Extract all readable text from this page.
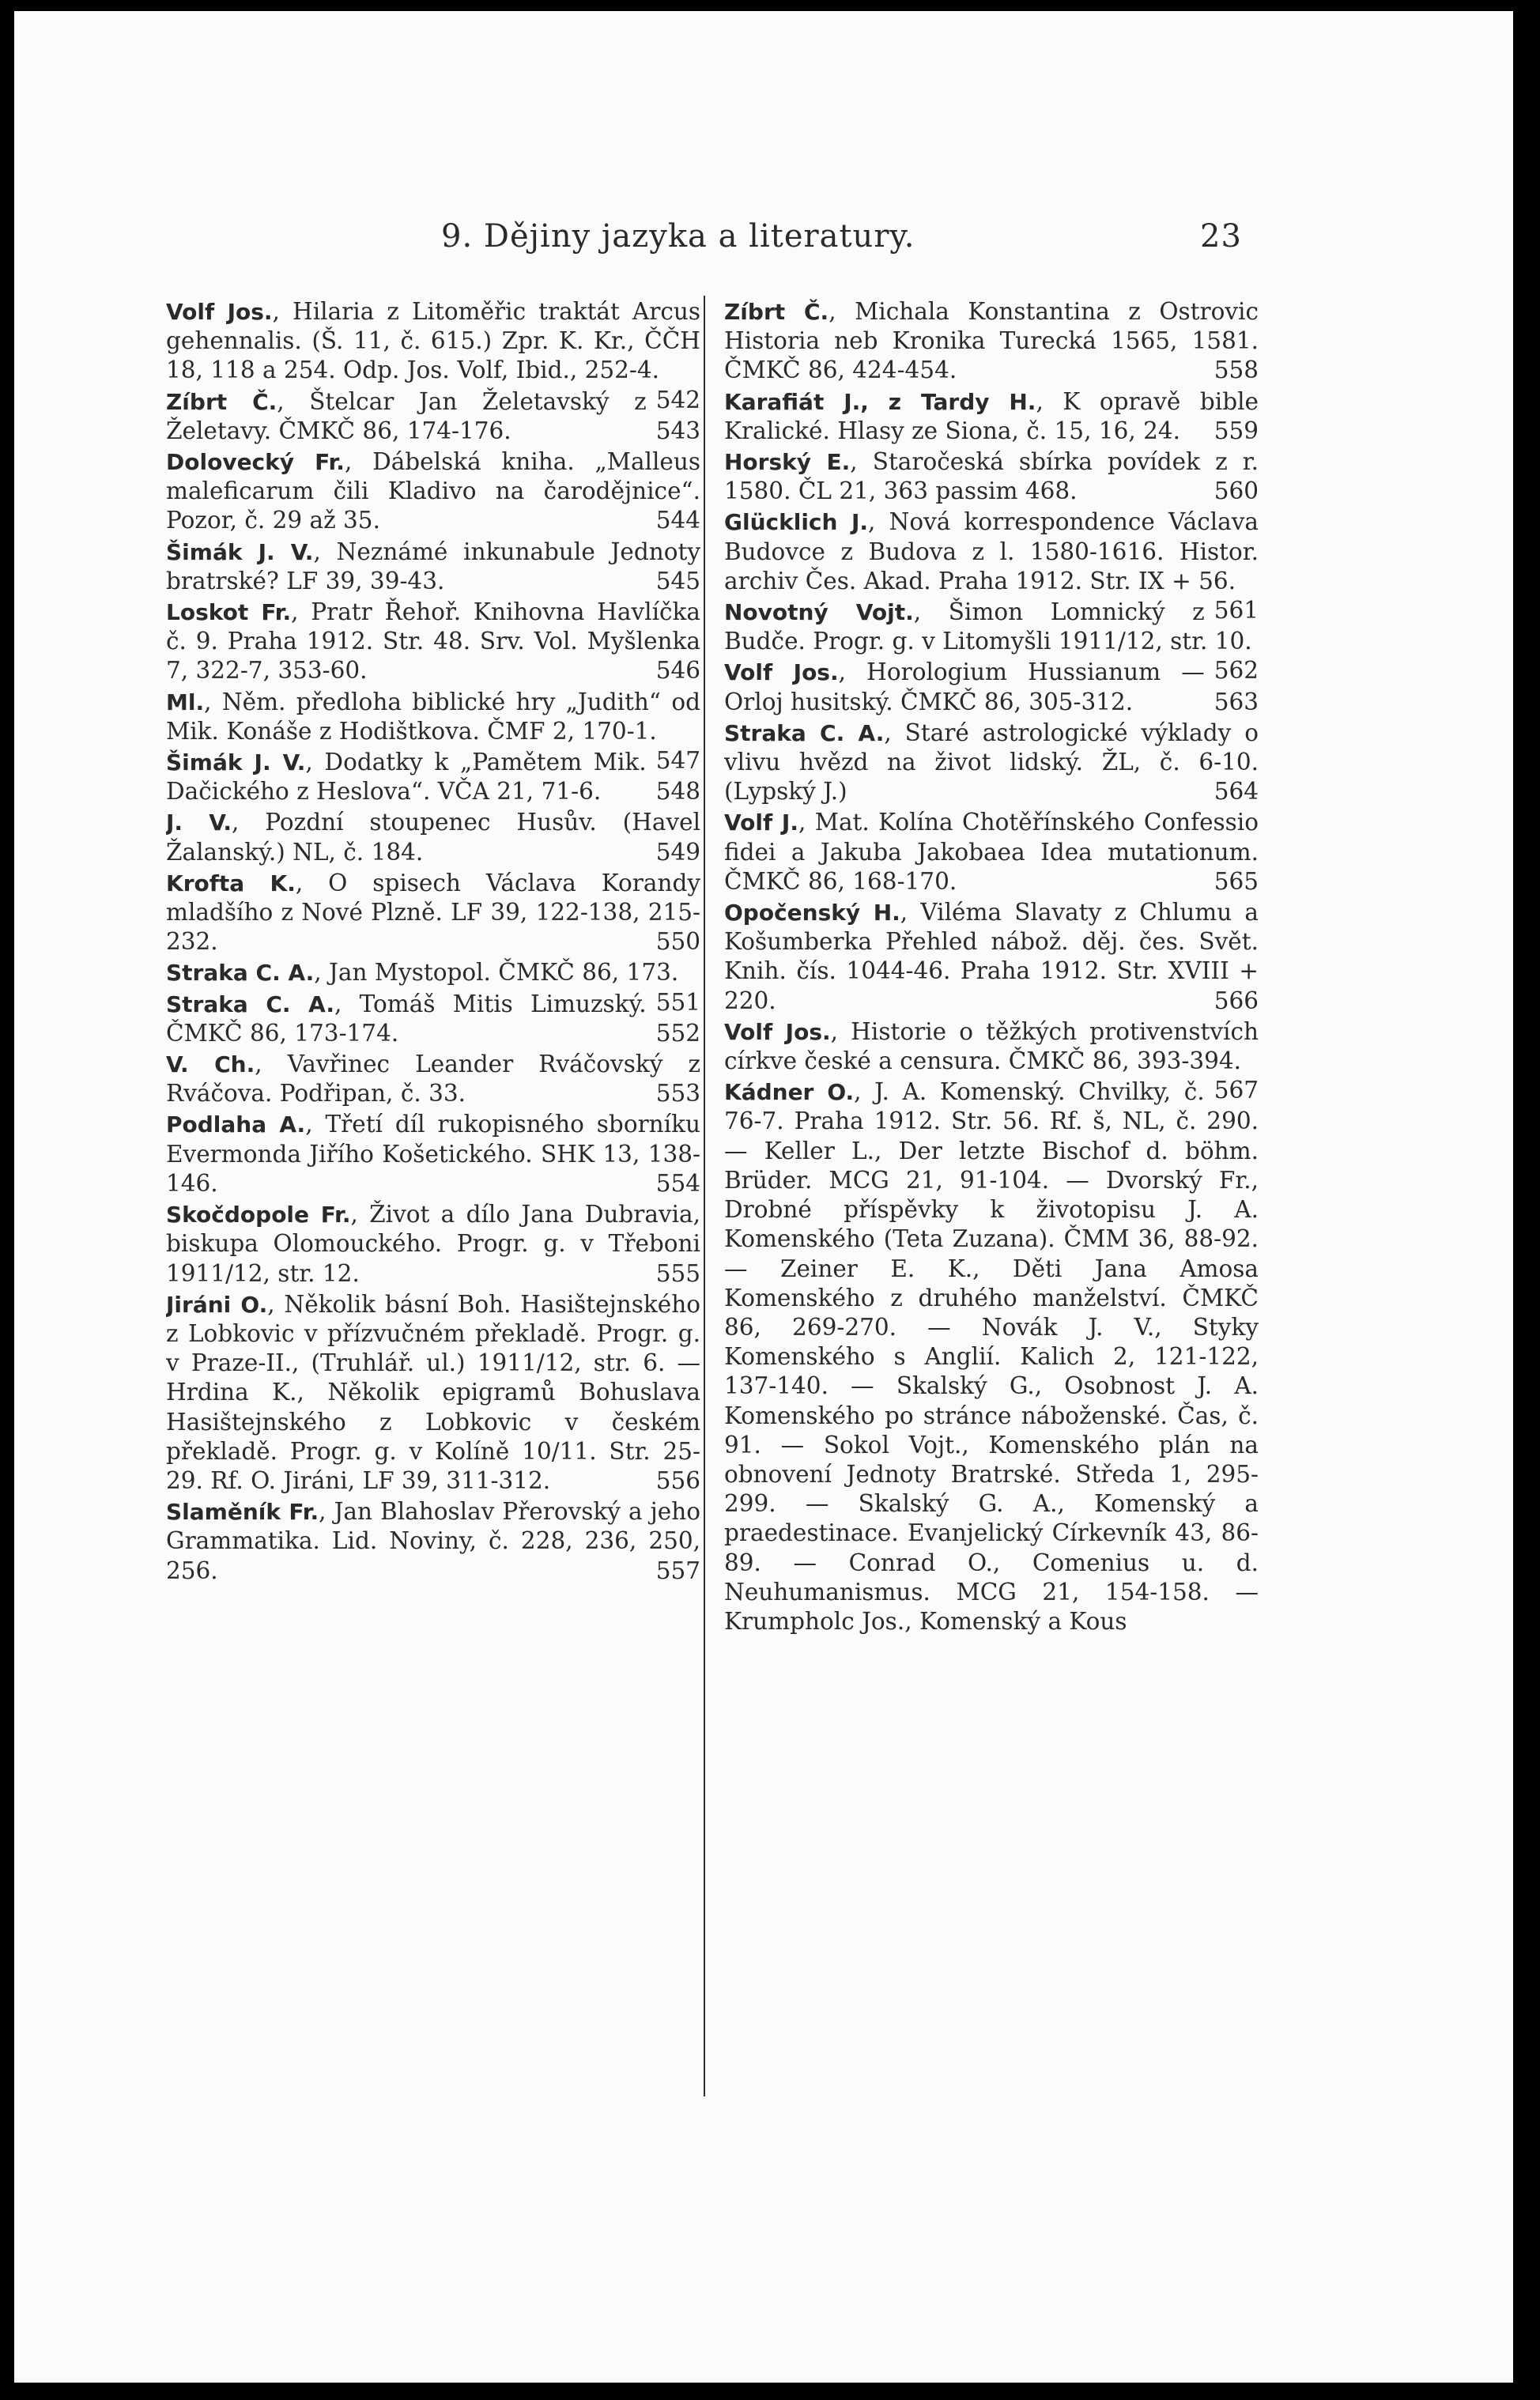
9. Dějiny jazyka a literatury.	23

Volf Jos., Hilaria z Litoměřic traktát Arcus gehennalis. (Š. 11, č. 615.) Zpr. K. Kr., ČČH 18, 118 a 254. Odp. Jos. Volf, Ibid., 252-4.
542

Zíbrt Č., Štelcar Jan Želetavský z Želetavy. ČMKČ 86, 174-176.	543

Dolovecký Fr., Dábelská kniha. „Malleus maleficarum čili Kladivo na čarodějnice“. Pozor, č. 29 až 35.	544

Šimák J. V., Neznámé inkunabule Jednoty bratrské? LF 39, 39-43.	545

Loskot Fr., Pratr Řehoř. Knihovna Havlíčka č. 9. Praha 1912. Str. 48. Srv. Vol. Myšlenka 7, 322-7, 353-60.	546

Ml., Něm. předloha biblické hry „Judith“ od Mik. Konáše z Hodištkova. ČMF 2, 170-1.
547

Šimák J. V., Dodatky k „Pamětem Mik. Dačického z Heslova“. VČA 21, 71-6. 548

J. V., Pozdní stoupenec Husův. (Havel Žalanský.) NL, č. 184.	549

Krofta K., O spisech Václava Korandy mladšího z Nové Plzně. LF 39, 122-138, 215-232.	550

Straka C. A., Jan Mystopol. ČMKČ 86, 173.
551

Straka C. A., Tomáš Mitis Limuzský. ČMKČ 86, 173-174.	552

V. Ch., Vavřinec Leander Rváčovský z Rváčova. Podřipan, č. 33.	553

Podlaha A., Třetí díl rukopisného sborníku Evermonda Jiřího Košetického. SHK 13, 138-146.	554

Skočdopole Fr., Život a dílo Jana Dubravia, biskupa Olomouckého. Progr. g. v Třeboni 1911/12, str. 12.	555

Jiráni O., Několik básní Boh. Hasištejnského z Lobkovic v přízvučném překladě. Progr. g. v Praze-II., (Truhlář. ul.) 1911/12, str. 6. — Hrdina K., Několik epigramů Bohuslava Hasištejnského z Lobkovic v českém překladě. Progr. g. v Kolíně 10/11. Str. 25-29. Rf. O. Jiráni, LF 39, 311-312.	556

Slaměník Fr., Jan Blahoslav Přerovský a jeho Grammatika. Lid. Noviny, č. 228, 236, 250, 256.	557

Zíbrt Č., Michala Konstantina z Ostrovic Historia neb Kronika Turecká 1565, 1581. ČMKČ 86, 424-454.	558

Karafiát J., z Tardy H., K opravě bible Kralické. Hlasy ze Siona, č. 15, 16, 24. 559

Horský E., Staročeská sbírka povídek z r. 1580. ČL 21, 363 passim 468.	560

Glücklich J., Nová korrespondence Václava Budovce z Budova z l. 1580-1616. Histor. archiv Čes. Akad. Praha 1912. Str. IX + 56.
561

Novotný Vojt., Šimon Lomnický z Budče. Progr. g. v Litomyšli 1911/12, str. 10.
562

Volf Jos., Horologium Hussianum — Orloj husitský. ČMKČ 86, 305-312.	563

Straka C. A., Staré astrologické výklady o vlivu hvězd na život lidský. ŽL, č. 6-10. (Lypský J.)	564

Volf J., Mat. Kolína Chotěřínského Confessio fidei a Jakuba Jakobaea Idea mutationum. ČMKČ 86, 168-170.	565

Opočenský H., Viléma Slavaty z Chlumu a Košumberka Přehled nábož. děj. čes. Svět. Knih. čís. 1044-46. Praha 1912. Str. XVIII + 220.	566

Volf Jos., Historie o těžkých protivenstvích církve české a censura. ČMKČ 86, 393-394.
567

Kádner O., J. A. Komenský. Chvilky, č. 76-7. Praha 1912. Str. 56. Rf. š, NL, č. 290. — Keller L., Der letzte Bischof d. böhm. Brüder. MCG 21, 91-104. — Dvorský Fr., Drobné příspěvky k životopisu J. A. Komenského (Teta Zuzana). ČMM 36, 88-92. — Zeiner E. K., Děti Jana Amosa Komenského z druhého manželství. ČMKČ 86, 269-270. — Novák J. V., Styky Komenského s Anglií. Kalich 2, 121-122, 137-140. — Skalský G., Osobnost J. A. Komenského po stránce náboženské. Čas, č. 91. — Sokol Vojt., Komenského plán na obnovení Jednoty Bratrské. Středa 1, 295-299. — Skalský G. A., Komenský a praedestinace. Evanjelický Církevník 43, 86-89. — Conrad O., Comenius u. d. Neuhumanismus. MCG 21, 154-158. — Krumpholc Jos., Komenský a Kous
